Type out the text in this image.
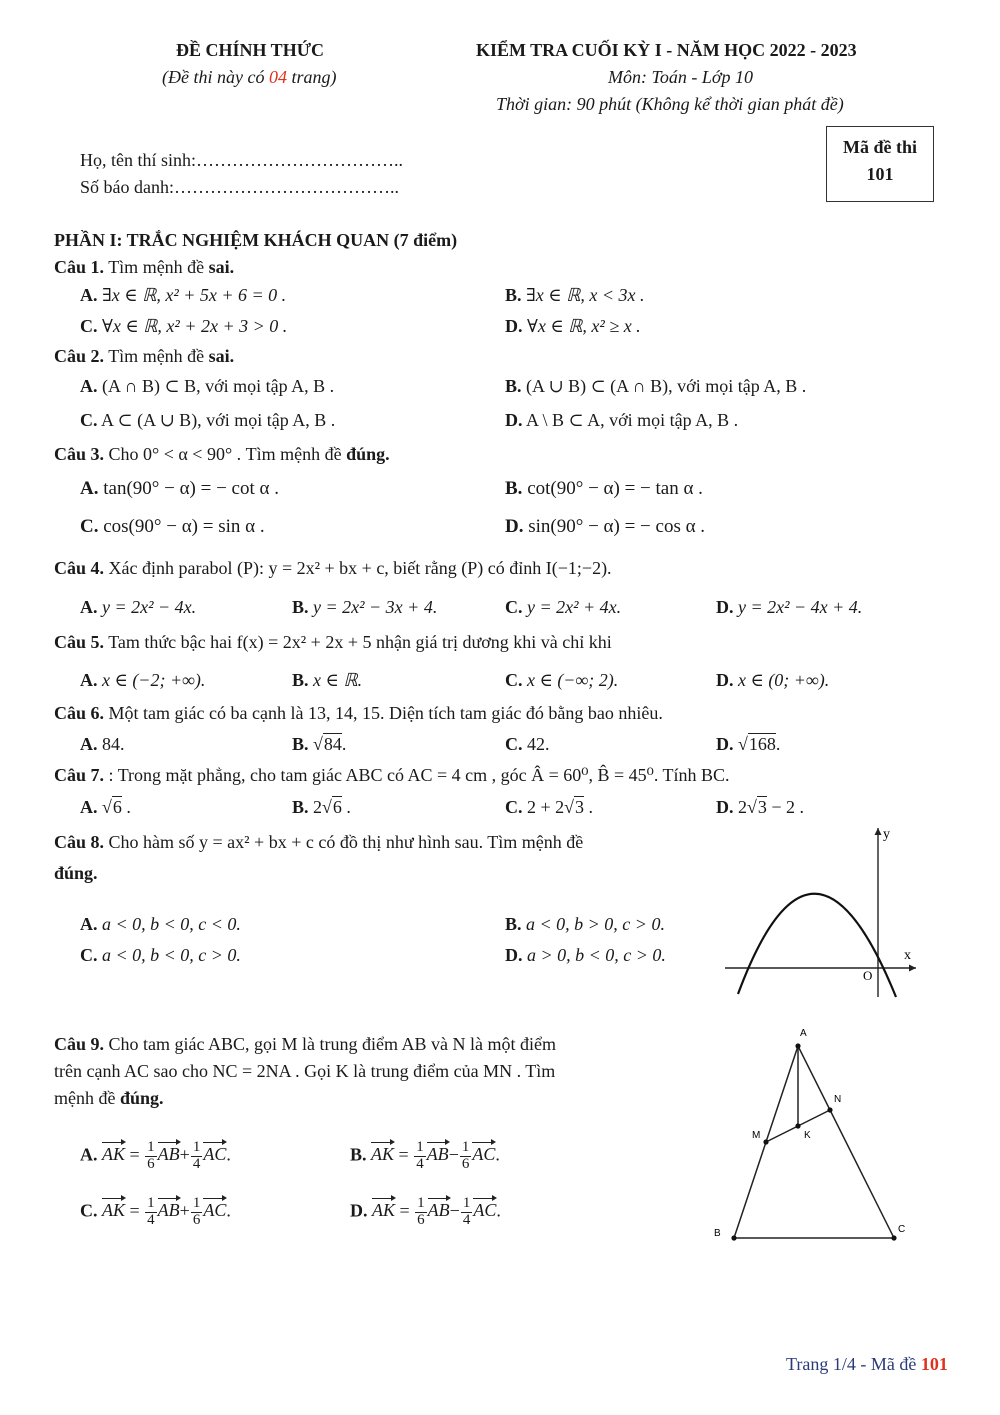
ĐỀ CHÍNH THỨC
(Đề thi này có 04 trang)
KIỂM TRA CUỐI KỲ I - NĂM HỌC 2022 - 2023
Môn: Toán - Lớp 10
Thời gian: 90 phút (Không kể thời gian phát đề)
Họ, tên thí sinh:……………………………..
Số báo danh:………………………………..
Mã đề thi
101
PHẦN I: TRẮC NGHIỆM KHÁCH QUAN (7 điểm)
Câu 1. Tìm mệnh đề sai.
A. ∃x ∈ ℝ, x² + 5x + 6 = 0 .	B. ∃x ∈ ℝ, x < 3x .
C. ∀x ∈ ℝ, x² + 2x + 3 > 0 .	D. ∀x ∈ ℝ, x² ≥ x .
Câu 2. Tìm mệnh đề sai.
A. (A ∩ B) ⊂ B, với mọi tập A, B .	B. (A ∪ B) ⊂ (A ∩ B), với mọi tập A, B .
C. A ⊂ (A ∪ B), với mọi tập A, B .	D. A \ B ⊂ A, với mọi tập A, B .
Câu 3. Cho 0° < α < 90° . Tìm mệnh đề đúng.
A. tan(90° − α) = − cot α .	B. cot(90° − α) = − tan α .
C. cos(90° − α) = sin α .	D. sin(90° − α) = − cos α .
Câu 4. Xác định parabol (P): y = 2x² + bx + c, biết rằng (P) có đỉnh I(−1;−2).
A. y = 2x² − 4x.	B. y = 2x² − 3x + 4.	C. y = 2x² + 4x.	D. y = 2x² − 4x + 4.
Câu 5. Tam thức bậc hai f(x) = 2x² + 2x + 5 nhận giá trị dương khi và chỉ khi
A. x ∈ (−2; +∞).	B. x ∈ ℝ.	C. x ∈ (−∞; 2).	D. x ∈ (0; +∞).
Câu 6. Một tam giác có ba cạnh là 13, 14, 15. Diện tích tam giác đó bằng bao nhiêu.
A. 84.	B. √84.	C. 42.	D. √168.
Câu 7. : Trong mặt phẳng, cho tam giác ABC có AC = 4 cm , góc Â = 60⁰, B̂ = 45⁰. Tính BC.
A. √6 .	B. 2√6 .	C. 2 + 2√3 .	D. 2√3 − 2 .
Câu 8. Cho hàm số y = ax² + bx + c có đồ thị như hình sau. Tìm mệnh đề
đúng.
A. a < 0, b < 0, c < 0.	B. a < 0, b > 0, c > 0.
C. a < 0, b < 0, c > 0.	D. a > 0, b < 0, c > 0.
y
x
O
Câu 9. Cho tam giác ABC, gọi M là trung điểm AB và N là một điểm
trên cạnh AC sao cho NC = 2NA . Gọi K là trung điểm của MN . Tìm
mệnh đề đúng.
A. AK = $\frac{1}{6} AB+ \frac{1}{4}$ AC.	B. AK = $\frac{1}{4} AB- \frac{1}{6}$ AC.
C. AK = $\frac{1}{4} AB+ \frac{1}{6}$ AC.	D. AK = $\frac{1}{6} AB- \frac{1}{4}$ AC.
A
B	C
M
N
K
Trang 1/4 - Mã đề 101
